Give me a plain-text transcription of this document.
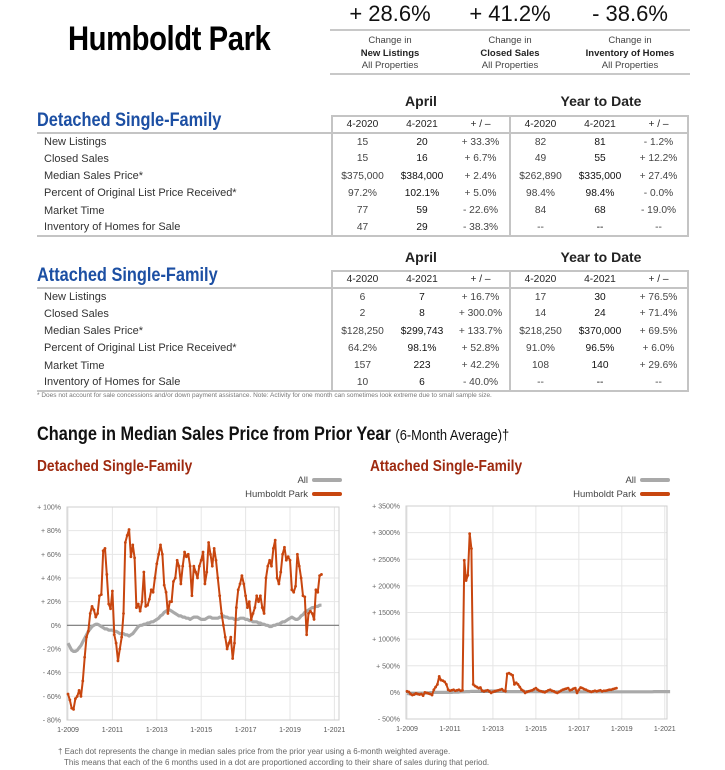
Humboldt Park
+ 28.6%	+ 41.2%	- 38.6%
Change in
New Listings
All Properties
Change in
Closed Sales
All Properties
Change in
Inventory of Homes
All Properties
Detached Single-Family
April	Year to Date
	4-2020	4-2021	+ / –	4-2020	4-2021	+ / –
New Listings	15	20	+ 33.3%	82	81	- 1.2%
Closed Sales	15	16	+ 6.7%	49	55	+ 12.2%
Median Sales Price*	$375,000	$384,000	+ 2.4%	$262,890	$335,000	+ 27.4%
Percent of Original List Price Received*	97.2%	102.1%	+ 5.0%	98.4%	98.4%	- 0.0%
Market Time	77	59	- 22.6%	84	68	- 19.0%
Inventory of Homes for Sale	47	29	- 38.3%	--	--	--
Attached Single-Family
April	Year to Date
	4-2020	4-2021	+ / –	4-2020	4-2021	+ / –
New Listings	6	7	+ 16.7%	17	30	+ 76.5%
Closed Sales	2	8	+ 300.0%	14	24	+ 71.4%
Median Sales Price*	$128,250	$299,743	+ 133.7%	$218,250	$370,000	+ 69.5%
Percent of Original List Price Received*	64.2%	98.1%	+ 52.8%	91.0%	96.5%	+ 6.0%
Market Time	157	223	+ 42.2%	108	140	+ 29.6%
Inventory of Homes for Sale	10	6	- 40.0%	--	--	--
* Does not account for sale concessions and/or down payment assistance. Note: Activity for one month can sometimes look extreme due to small sample size.
Change in Median Sales Price from Prior Year (6-Month Average)†
Detached Single-Family
All
Humboldt Park
+ 100%
+ 80%
+ 60%
+ 40%
+ 20%
0%
- 20%
- 40%
- 60%
- 80%
1-2009	1-2011	1-2013	1-2015	1-2017	1-2019	1-2021
Attached Single-Family
All
Humboldt Park
+ 3500%
+ 3000%
+ 2500%
+ 2000%
+ 1500%
+ 1000%
+ 500%
0%
- 500%
1-2009	1-2011	1-2013	1-2015	1-2017	1-2019	1-2021
† Each dot represents the change in median sales price from the prior year using a 6-month weighted average.
This means that each of the 6 months used in a dot are proportioned according to their share of sales during that period.
